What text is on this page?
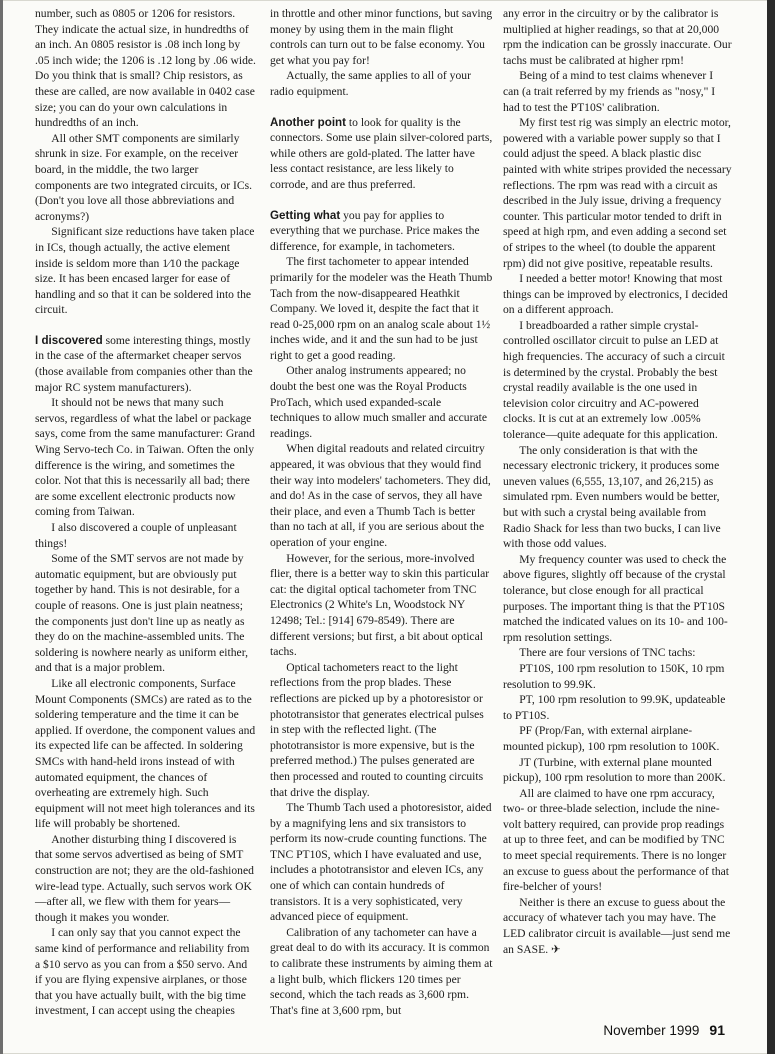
number, such as 0805 or 1206 for resistors. They indicate the actual size, in hundredths of an inch. An 0805 resistor is .08 inch long by .05 inch wide; the 1206 is .12 long by .06 wide. Do you think that is small? Chip resistors, as these are called, are now available in 0402 case size; you can do your own calculations in hundredths of an inch.

All other SMT components are similarly shrunk in size. For example, on the receiver board, in the middle, the two larger components are two integrated circuits, or ICs. (Don't you love all those abbreviations and acronyms?)

Significant size reductions have taken place in ICs, though actually, the active element inside is seldom more than 1⁄10 the package size. It has been encased larger for ease of handling and so that it can be soldered into the circuit.

I discovered some interesting things, mostly in the case of the aftermarket cheaper servos (those available from companies other than the major RC system manufacturers).

It should not be news that many such servos, regardless of what the label or package says, come from the same manufacturer: Grand Wing Servo-tech Co. in Taiwan. Often the only difference is the wiring, and sometimes the color. Not that this is necessarily all bad; there are some excellent electronic products now coming from Taiwan.

I also discovered a couple of unpleasant things!

Some of the SMT servos are not made by automatic equipment, but are obviously put together by hand. This is not desirable, for a couple of reasons. One is just plain neatness; the components just don't line up as neatly as they do on the machine-assembled units. The soldering is nowhere nearly as uniform either, and that is a major problem.

Like all electronic components, Surface Mount Components (SMCs) are rated as to the soldering temperature and the time it can be applied. If overdone, the component values and its expected life can be affected. In soldering SMCs with hand-held irons instead of with automated equipment, the chances of overheating are extremely high. Such equipment will not meet high tolerances and its life will probably be shortened.

Another disturbing thing I discovered is that some servos advertised as being of SMT construction are not; they are the old-fashioned wire-lead type. Actually, such servos work OK—after all, we flew with them for years—though it makes you wonder.

I can only say that you cannot expect the same kind of performance and reliability from a $10 servo as you can from a $50 servo. And if you are flying expensive airplanes, or those that you have actually built, with the big time investment, I can accept using the cheapies

in throttle and other minor functions, but saving money by using them in the main flight controls can turn out to be false economy. You get what you pay for!

Actually, the same applies to all of your radio equipment.

Another point to look for quality is the connectors. Some use plain silver-colored parts, while others are gold-plated. The latter have less contact resistance, are less likely to corrode, and are thus preferred.

Getting what you pay for applies to everything that we purchase. Price makes the difference, for example, in tachometers.

The first tachometer to appear intended primarily for the modeler was the Heath Thumb Tach from the now-disappeared Heathkit Company. We loved it, despite the fact that it read 0-25,000 rpm on an analog scale about 1½ inches wide, and it and the sun had to be just right to get a good reading.

Other analog instruments appeared; no doubt the best one was the Royal Products ProTach, which used expanded-scale techniques to allow much smaller and accurate readings.

When digital readouts and related circuitry appeared, it was obvious that they would find their way into modelers' tachometers. They did, and do! As in the case of servos, they all have their place, and even a Thumb Tach is better than no tach at all, if you are serious about the operation of your engine.

However, for the serious, more-involved flier, there is a better way to skin this particular cat: the digital optical tachometer from TNC Electronics (2 White's Ln, Woodstock NY 12498; Tel.: [914] 679-8549). There are different versions; but first, a bit about optical tachs.

Optical tachometers react to the light reflections from the prop blades. These reflections are picked up by a photoresistor or phototransistor that generates electrical pulses in step with the reflected light. (The phototransistor is more expensive, but is the preferred method.) The pulses generated are then processed and routed to counting circuits that drive the display.

The Thumb Tach used a photoresistor, aided by a magnifying lens and six transistors to perform its now-crude counting functions. The TNC PT10S, which I have evaluated and use, includes a phototransistor and eleven ICs, any one of which can contain hundreds of transistors. It is a very sophisticated, very advanced piece of equipment.

Calibration of any tachometer can have a great deal to do with its accuracy. It is common to calibrate these instruments by aiming them at a light bulb, which flickers 120 times per second, which the tach reads as 3,600 rpm. That's fine at 3,600 rpm, but

any error in the circuitry or by the calibrator is multiplied at higher readings, so that at 20,000 rpm the indication can be grossly inaccurate. Our tachs must be calibrated at higher rpm!

Being of a mind to test claims whenever I can (a trait referred by my friends as "nosy," I had to test the PT10S' calibration.

My first test rig was simply an electric motor, powered with a variable power supply so that I could adjust the speed. A black plastic disc painted with white stripes provided the necessary reflections. The rpm was read with a circuit as described in the July issue, driving a frequency counter. This particular motor tended to drift in speed at high rpm, and even adding a second set of stripes to the wheel (to double the apparent rpm) did not give positive, repeatable results.

I needed a better motor! Knowing that most things can be improved by electronics, I decided on a different approach.

I breadboarded a rather simple crystal-controlled oscillator circuit to pulse an LED at high frequencies. The accuracy of such a circuit is determined by the crystal. Probably the best crystal readily available is the one used in television color circuitry and AC-powered clocks. It is cut at an extremely low .005% tolerance—quite adequate for this application.

The only consideration is that with the necessary electronic trickery, it produces some uneven values (6,555, 13,107, and 26,215) as simulated rpm. Even numbers would be better, but with such a crystal being available from Radio Shack for less than two bucks, I can live with those odd values.

My frequency counter was used to check the above figures, slightly off because of the crystal tolerance, but close enough for all practical purposes. The important thing is that the PT10S matched the indicated values on its 10- and 100-rpm resolution settings.

There are four versions of TNC tachs:

PT10S, 100 rpm resolution to 150K, 10 rpm resolution to 99.9K.

PT, 100 rpm resolution to 99.9K, updateable to PT10S.

PF (Prop/Fan, with external airplane-mounted pickup), 100 rpm resolution to 100K.

JT (Turbine, with external plane mounted pickup), 100 rpm resolution to more than 200K.

All are claimed to have one rpm accuracy, two- or three-blade selection, include the nine-volt battery required, can provide prop readings at up to three feet, and can be modified by TNC to meet special requirements. There is no longer an excuse to guess about the performance of that fire-belcher of yours!

Neither is there an excuse to guess about the accuracy of whatever tach you may have. The LED calibrator circuit is available—just send me an SASE. ✈

November 1999 91
